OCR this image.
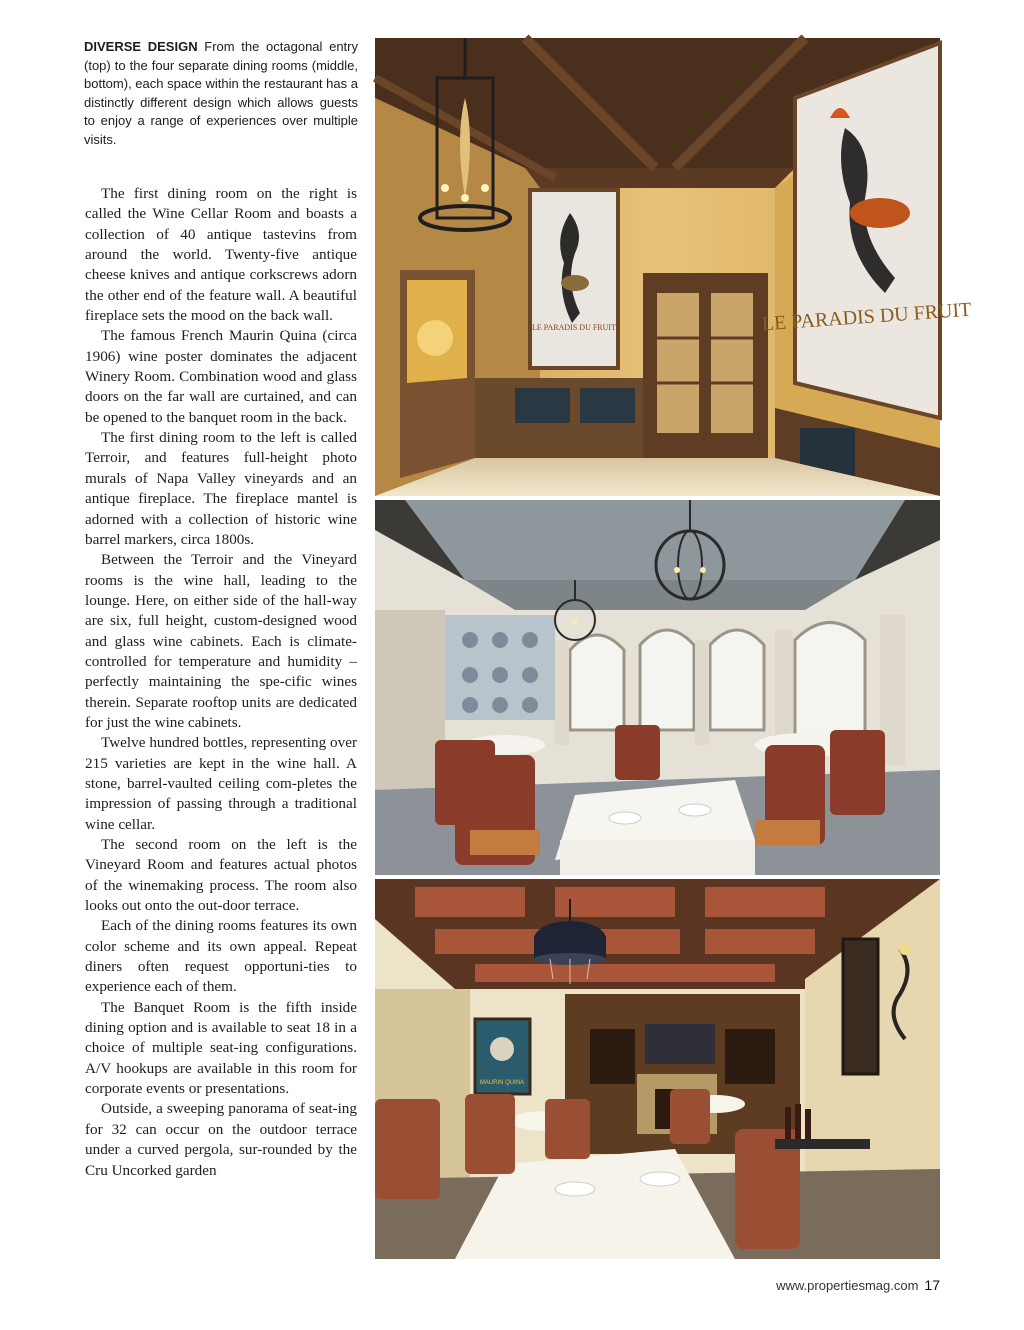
DIVERSE DESIGN From the octagonal entry (top) to the four separate dining rooms (middle, bottom), each space within the restaurant has a distinctly different design which allows guests to enjoy a range of experiences over multiple visits.

The first dining room on the right is called the Wine Cellar Room and boasts a collection of 40 antique tastevins from around the world. Twenty-five antique cheese knives and antique corkscrews adorn the other end of the feature wall. A beautiful fireplace sets the mood on the back wall.

The famous French Maurin Quina (circa 1906) wine poster dominates the adjacent Winery Room. Combination wood and glass doors on the far wall are curtained, and can be opened to the banquet room in the back.

The first dining room to the left is called Terroir, and features full-height photo murals of Napa Valley vineyards and an antique fireplace. The fireplace mantel is adorned with a collection of historic wine barrel markers, circa 1800s.

Between the Terroir and the Vineyard rooms is the wine hall, leading to the lounge. Here, on either side of the hall-way are six, full height, custom-designed wood and glass wine cabinets. Each is climate-controlled for temperature and humidity – perfectly maintaining the spe-cific wines therein. Separate rooftop units are dedicated for just the wine cabinets.

Twelve hundred bottles, representing over 215 varieties are kept in the wine hall. A stone, barrel-vaulted ceiling com-pletes the impression of passing through a traditional wine cellar.

The second room on the left is the Vineyard Room and features actual photos of the winemaking process. The room also looks out onto the out-door terrace.

Each of the dining rooms features its own color scheme and its own appeal. Repeat diners often request opportuni-ties to experience each of them.

The Banquet Room is the fifth inside dining option and is available to seat 18 in a choice of multiple seat-ing configurations. A/V hookups are available in this room for corporate events or presentations.

Outside, a sweeping panorama of seat-ing for 32 can occur on the outdoor terrace under a curved pergola, sur-rounded by the Cru Uncorked garden

LE PARADIS DU FRUIT	LE PARADIS DU FRUIT
MAURIN QUINA
www.propertiesmag.com 17
